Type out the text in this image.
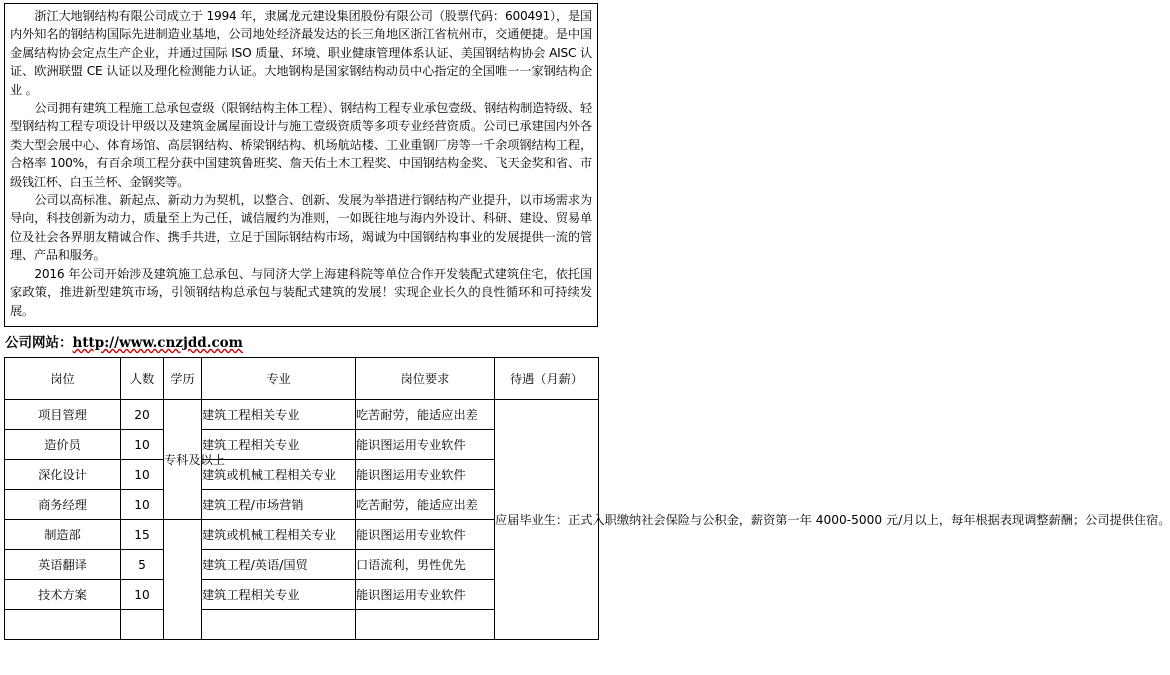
浙江大地钢结构有限公司成立于 1994 年，隶属龙元建设集团股份有限公司（股票代码：600491），是国内外知名的钢结构国际先进制造业基地，公司地处经济最发达的长三角地区浙江省杭州市，交通便捷。是中国金属结构协会定点生产企业，并通过国际 ISO 质量、环境、职业健康管理体系认证、美国钢结构协会 AISC 认证、欧洲联盟 CE 认证以及理化检测能力认证。大地钢构是国家钢结构动员中心指定的全国唯一一家钢结构企业 。

公司拥有建筑工程施工总承包壹级（限钢结构主体工程）、钢结构工程专业承包壹级、钢结构制造特级、轻型钢结构工程专项设计甲级以及建筑金属屋面设计与施工壹级资质等多项专业经营资质。公司已承建国内外各类大型会展中心、体育场馆、高层钢结构、桥梁钢结构、机场航站楼、工业重钢厂房等一千余项钢结构工程，合格率 100%，有百余项工程分获中国建筑鲁班奖、詹天佑土木工程奖、中国钢结构金奖、飞天金奖和省、市级钱江杯、白玉兰杯、金钢奖等。

公司以高标准、新起点、新动力为契机，以整合、创新、发展为举措进行钢结构产业提升，以市场需求为导向，科技创新为动力，质量至上为己任，诚信履约为准则，一如既往地与海内外设计、科研、建设、贸易单位及社会各界朋友精诚合作、携手共进，立足于国际钢结构市场，竭诚为中国钢结构事业的发展提供一流的管理、产品和服务。

2016 年公司开始涉及建筑施工总承包、与同济大学上海建科院等单位合作开发装配式建筑住宅，依托国家政策，推进新型建筑市场，引领钢结构总承包与装配式建筑的发展！实现企业长久的良性循环和可持续发展。

公司网站：http://www.cnzjdd.com
岗位	人数	学历	专业	岗位要求	待遇（月薪）
项目管理	20	专科及以上	建筑工程相关专业	吃苦耐劳，能适应出差	应届毕业生：正式入职缴纳社会保险与公积金，薪资第一年 4000-5000 元/月以上，每年根据表现调整薪酬；公司提供住宿。
造价员	10		建筑工程相关专业	能识图运用专业软件	
深化设计	10		建筑或机械工程相关专业	能识图运用专业软件	
商务经理	10		建筑工程/市场营销	吃苦耐劳，能适应出差	
制造部	15		建筑或机械工程相关专业	能识图运用专业软件	
英语翻译	5		建筑工程/英语/国贸	口语流利，男性优先	
技术方案	10		建筑工程相关专业	能识图运用专业软件	
